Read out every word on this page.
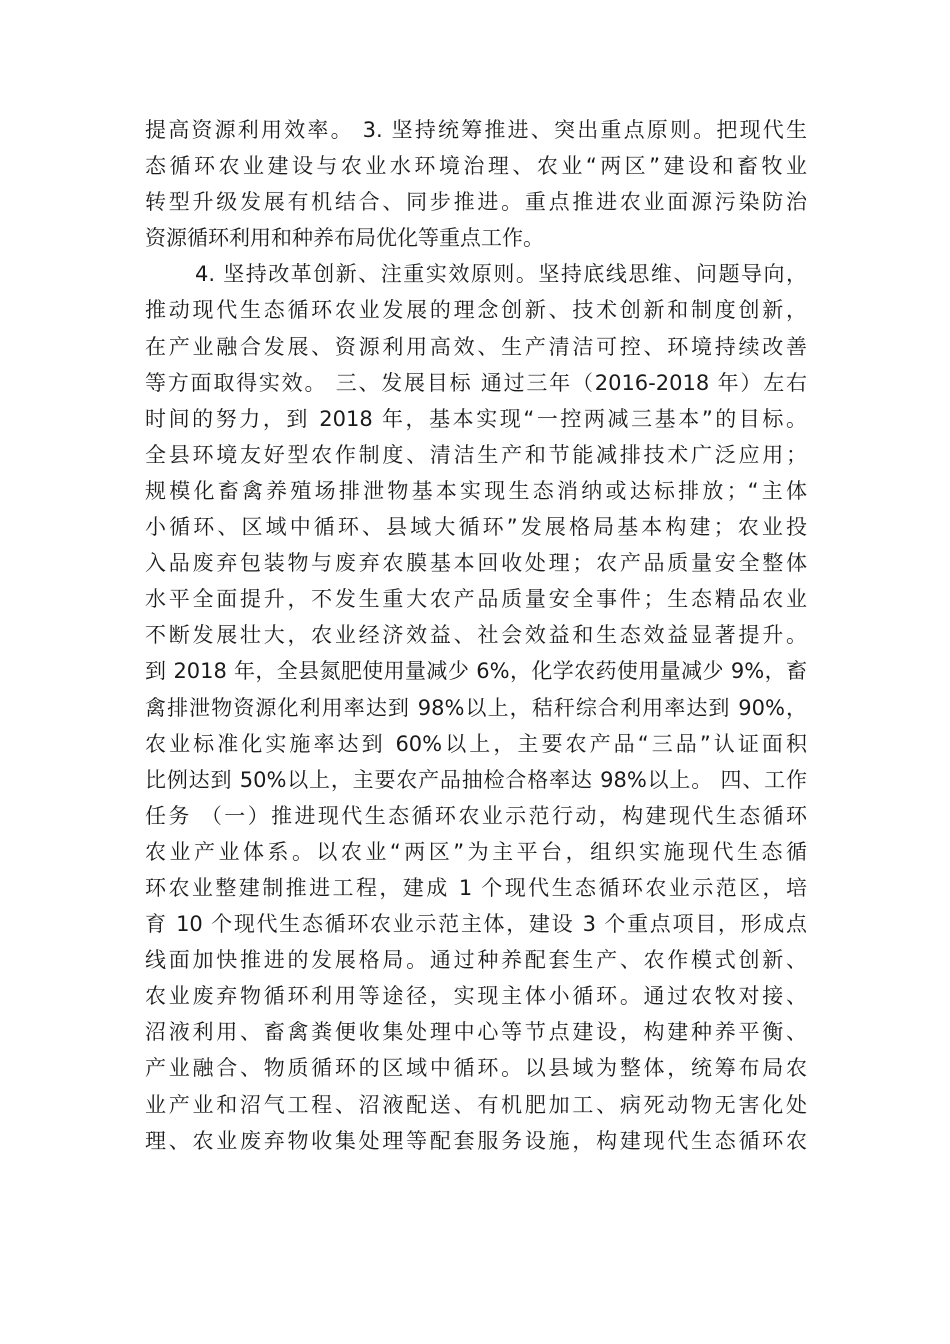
提高资源利用效率。 3. 坚持统筹推进、突出重点原则。把现代生
态循环农业建设与农业水环境治理、农业“两区”建设和畜牧业
转型升级发展有机结合、同步推进。重点推进农业面源污染防治
资源循环利用和种养布局优化等重点工作。
4. 坚持改革创新、注重实效原则。坚持底线思维、问题导向，
推动现代生态循环农业发展的理念创新、技术创新和制度创新，
在产业融合发展、资源利用高效、生产清洁可控、环境持续改善
等方面取得实效。 三、发展目标 通过三年（2016-2018 年）左右
时间的努力，到 2018 年，基本实现“一控两减三基本”的目标。
全县环境友好型农作制度、清洁生产和节能减排技术广泛应用；
规模化畜禽养殖场排泄物基本实现生态消纳或达标排放；“主体
小循环、区域中循环、县域大循环”发展格局基本构建；农业投
入品废弃包装物与废弃农膜基本回收处理；农产品质量安全整体
水平全面提升，不发生重大农产品质量安全事件；生态精品农业
不断发展壮大，农业经济效益、社会效益和生态效益显著提升。
到 2018 年，全县氮肥使用量减少 6%，化学农药使用量减少 9%，畜
禽排泄物资源化利用率达到 98%以上，秸秆综合利用率达到 90%，
农业标准化实施率达到 60%以上，主要农产品“三品”认证面积
比例达到 50%以上，主要农产品抽检合格率达 98%以上。 四、工作
任务 （一）推进现代生态循环农业示范行动，构建现代生态循环
农业产业体系。以农业“两区”为主平台，组织实施现代生态循
环农业整建制推进工程，建成 1 个现代生态循环农业示范区，培
育 10 个现代生态循环农业示范主体，建设 3 个重点项目，形成点
线面加快推进的发展格局。通过种养配套生产、农作模式创新、
农业废弃物循环利用等途径，实现主体小循环。通过农牧对接、
沼液利用、畜禽粪便收集处理中心等节点建设，构建种养平衡、
产业融合、物质循环的区域中循环。以县域为整体，统筹布局农
业产业和沼气工程、沼液配送、有机肥加工、病死动物无害化处
理、农业废弃物收集处理等配套服务设施，构建现代生态循环农
